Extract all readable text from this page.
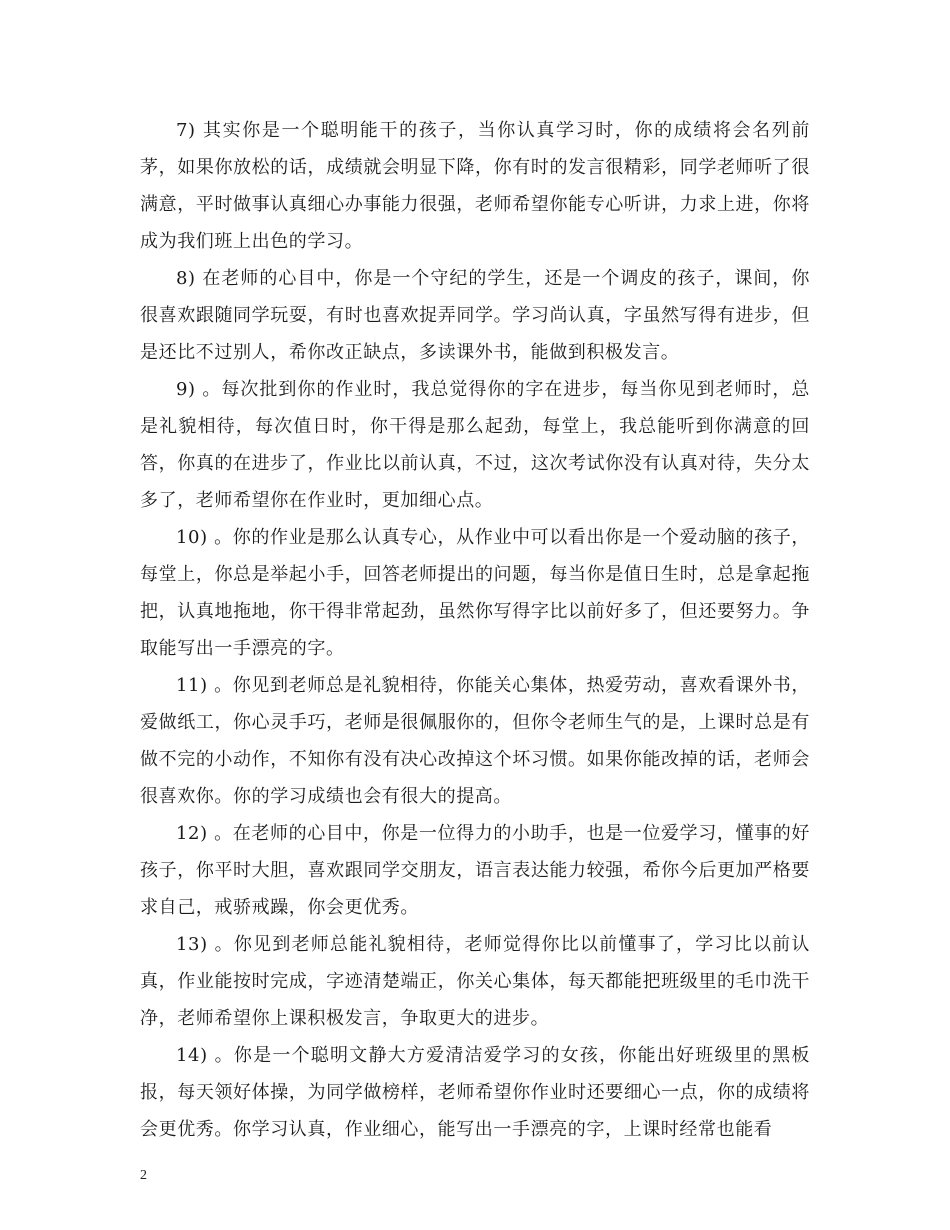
7) 其实你是一个聪明能干的孩子，当你认真学习时，你的成绩将会名列前茅，如果你放松的话，成绩就会明显下降，你有时的发言很精彩，同学老师听了很满意，平时做事认真细心办事能力很强，老师希望你能专心听讲，力求上进，你将成为我们班上出色的学习。

8) 在老师的心目中，你是一个守纪的学生，还是一个调皮的孩子，课间，你很喜欢跟随同学玩耍，有时也喜欢捉弄同学。学习尚认真，字虽然写得有进步，但是还比不过别人，希你改正缺点，多读课外书，能做到积极发言。

9) 。每次批到你的作业时，我总觉得你的字在进步，每当你见到老师时，总是礼貌相待，每次值日时，你干得是那么起劲，每堂上，我总能听到你满意的回答，你真的在进步了，作业比以前认真，不过，这次考试你没有认真对待，失分太多了，老师希望你在作业时，更加细心点。

10) 。你的作业是那么认真专心，从作业中可以看出你是一个爱动脑的孩子，每堂上，你总是举起小手，回答老师提出的问题，每当你是值日生时，总是拿起拖把，认真地拖地，你干得非常起劲，虽然你写得字比以前好多了，但还要努力。争取能写出一手漂亮的字。

11) 。你见到老师总是礼貌相待，你能关心集体，热爱劳动，喜欢看课外书，爱做纸工，你心灵手巧，老师是很佩服你的，但你令老师生气的是，上课时总是有做不完的小动作，不知你有没有决心改掉这个坏习惯。如果你能改掉的话，老师会很喜欢你。你的学习成绩也会有很大的提高。

12) 。在老师的心目中，你是一位得力的小助手，也是一位爱学习，懂事的好孩子，你平时大胆，喜欢跟同学交朋友，语言表达能力较强，希你今后更加严格要求自己，戒骄戒躁，你会更优秀。

13) 。你见到老师总能礼貌相待，老师觉得你比以前懂事了，学习比以前认真，作业能按时完成，字迹清楚端正，你关心集体，每天都能把班级里的毛巾洗干净，老师希望你上课积极发言，争取更大的进步。

14) 。你是一个聪明文静大方爱清洁爱学习的女孩，你能出好班级里的黑板报，每天领好体操，为同学做榜样，老师希望你作业时还要细心一点，你的成绩将会更优秀。你学习认真，作业细心，能写出一手漂亮的字，上课时经常也能看

2
